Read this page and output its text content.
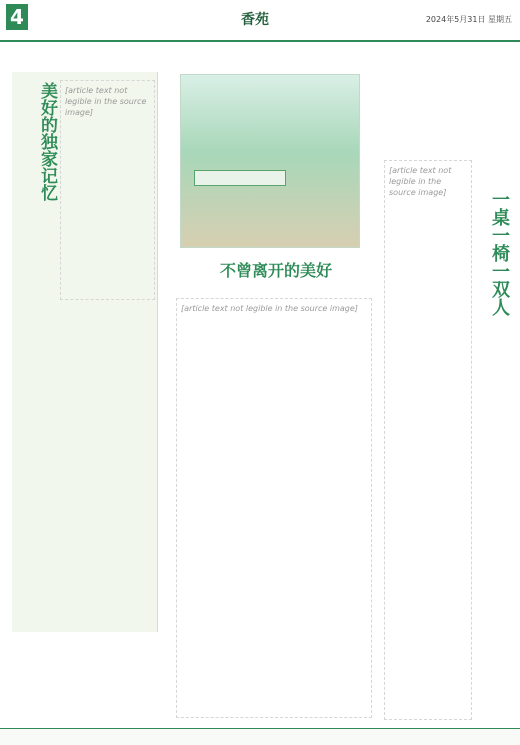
4	香苑	2024年5月31日 星期五
美好的独家记忆	[article text not legible in the source image]
不曾离开的美好
[article text not legible in the source image]	一桌一椅一双人
[article text not legible in the source image]
